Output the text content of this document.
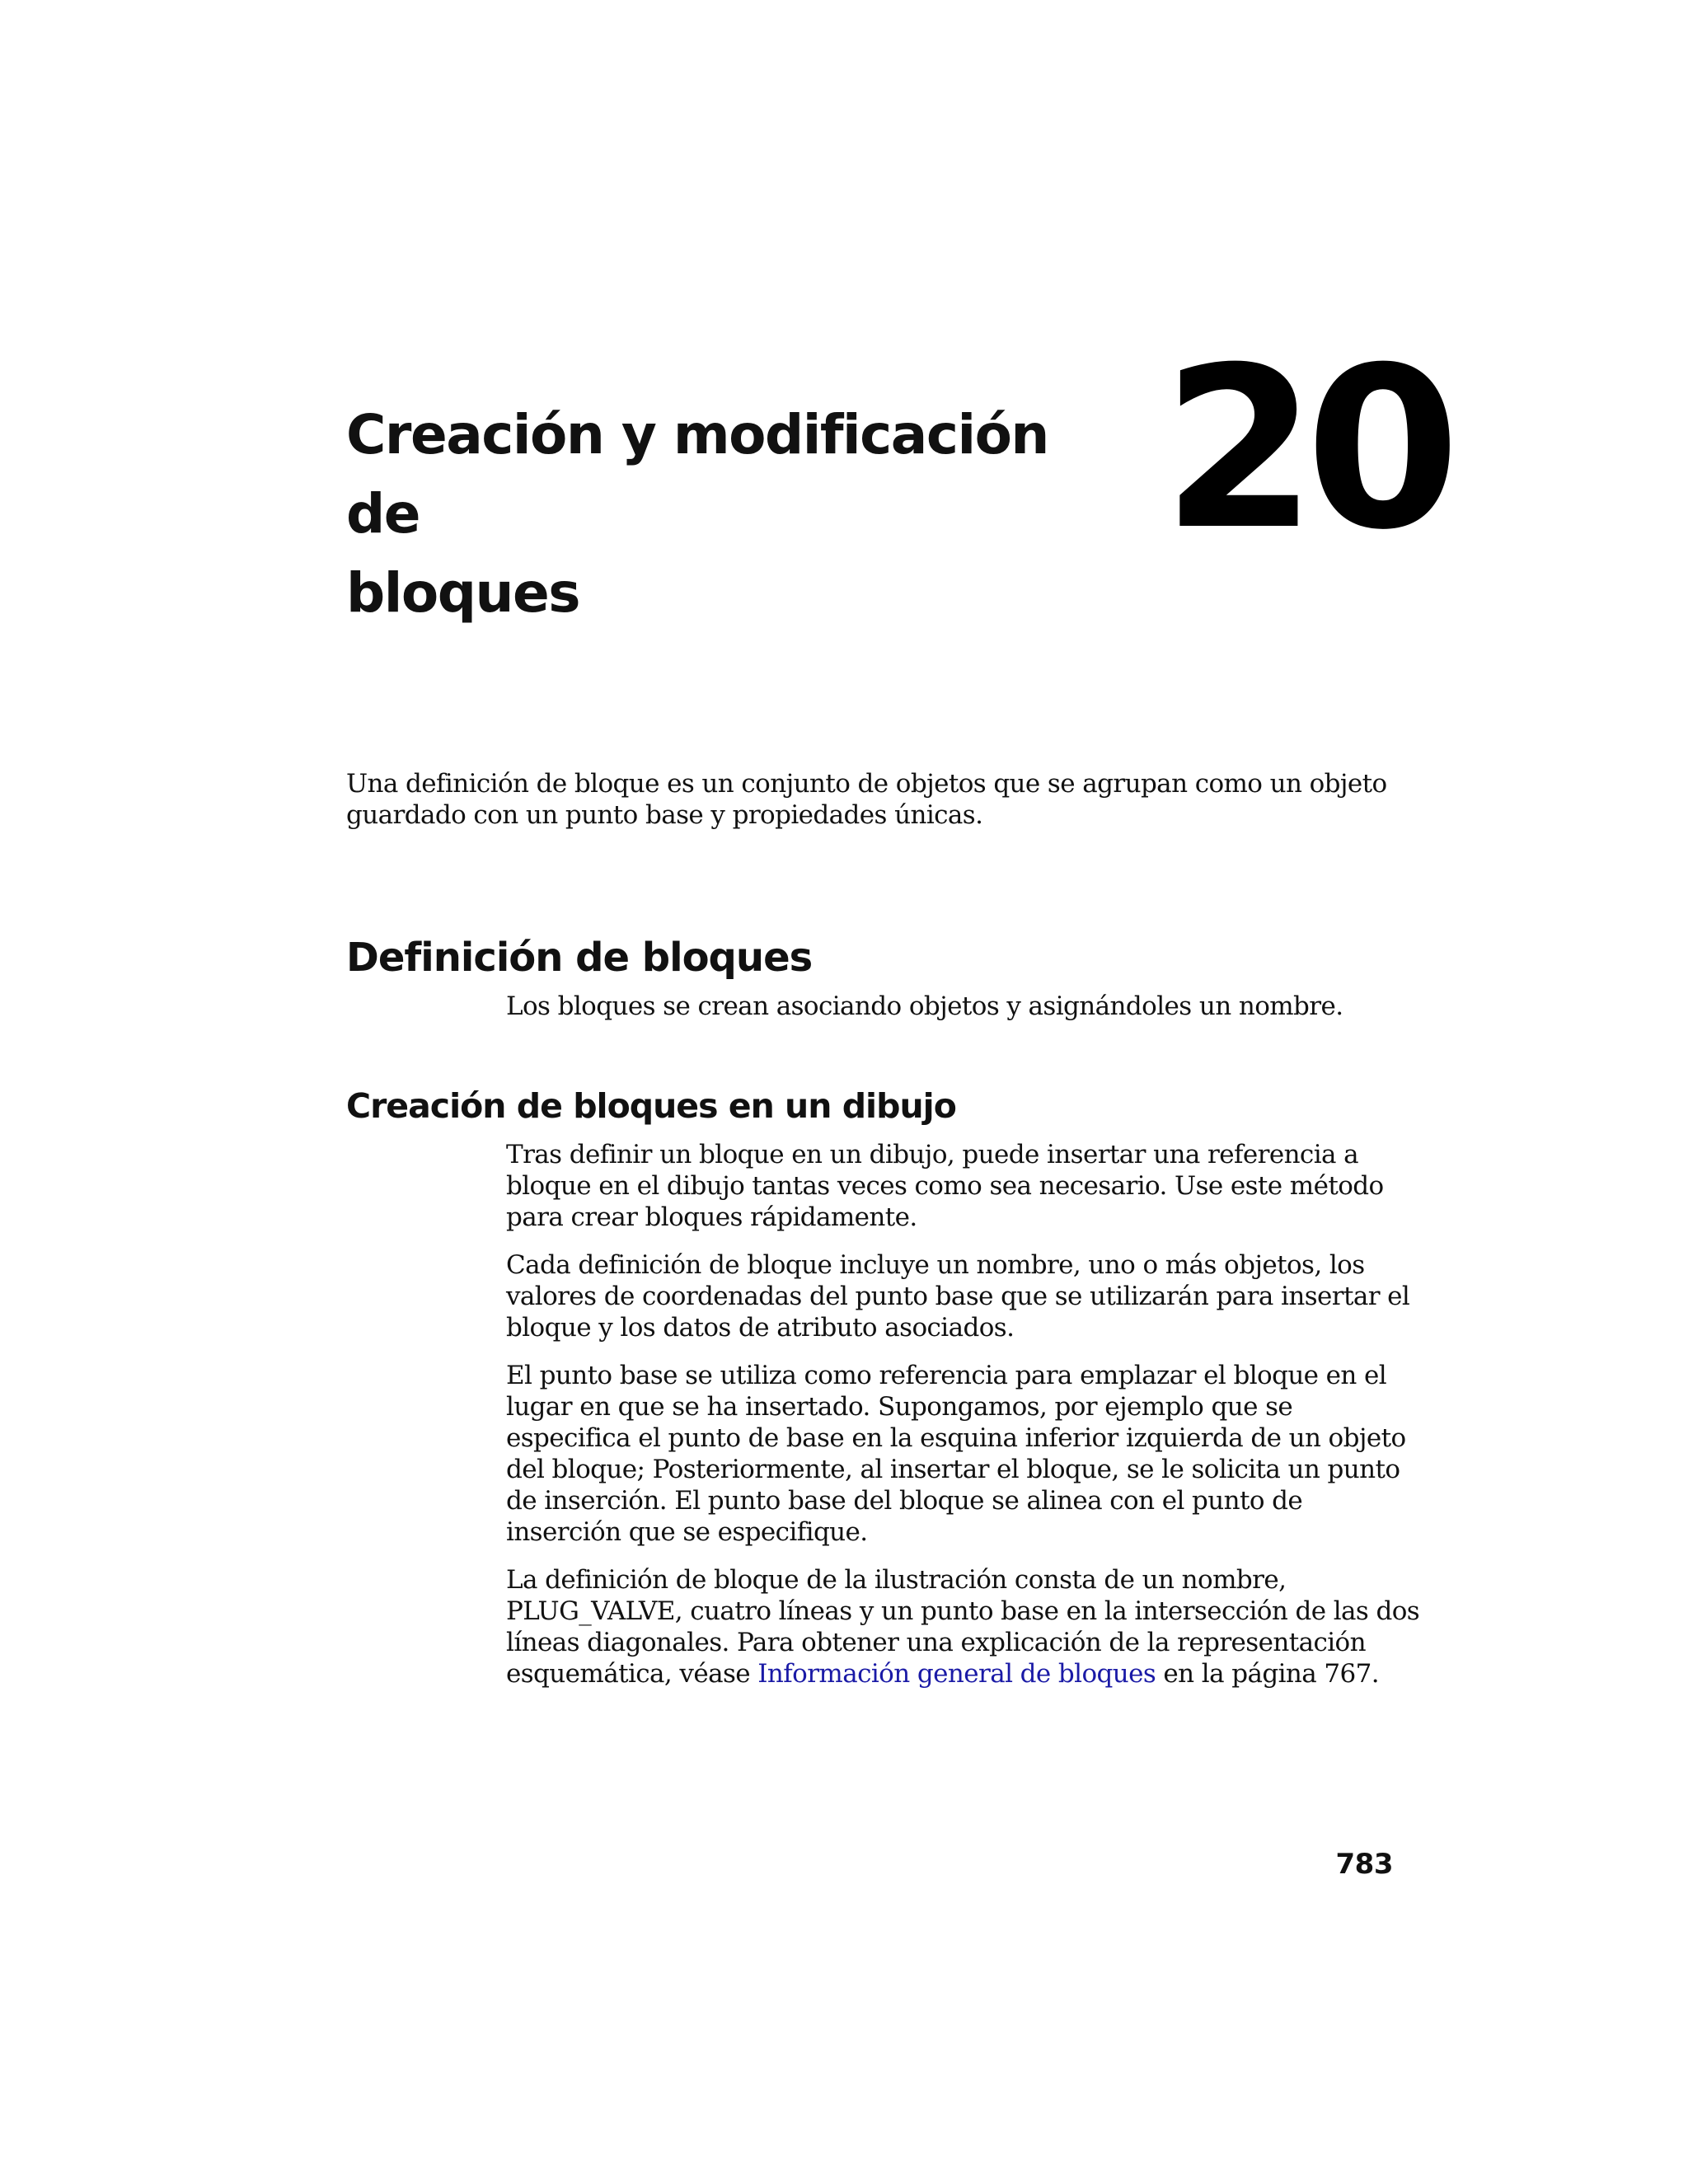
Creación y modificación de
bloques
20

Una definición de bloque es un conjunto de objetos que se agrupan como un objeto guardado con un punto base y propiedades únicas.

Definición de bloques

Los bloques se crean asociando objetos y asignándoles un nombre.

Creación de bloques en un dibujo

Tras definir un bloque en un dibujo, puede insertar una referencia a bloque en el dibujo tantas veces como sea necesario. Use este método para crear bloques rápidamente.

Cada definición de bloque incluye un nombre, uno o más objetos, los valores de coordenadas del punto base que se utilizarán para insertar el bloque y los datos de atributo asociados.

El punto base se utiliza como referencia para emplazar el bloque en el lugar en que se ha insertado. Supongamos, por ejemplo que se especifica el punto de base en la esquina inferior izquierda de un objeto del bloque; Posteriormente, al insertar el bloque, se le solicita un punto de inserción. El punto base del bloque se alinea con el punto de inserción que se especifique.

La definición de bloque de la ilustración consta de un nombre, PLUG_VALVE, cuatro líneas y un punto base en la intersección de las dos líneas diagonales. Para obtener una explicación de la representación esquemática, véase Información general de bloques en la página 767.

783
